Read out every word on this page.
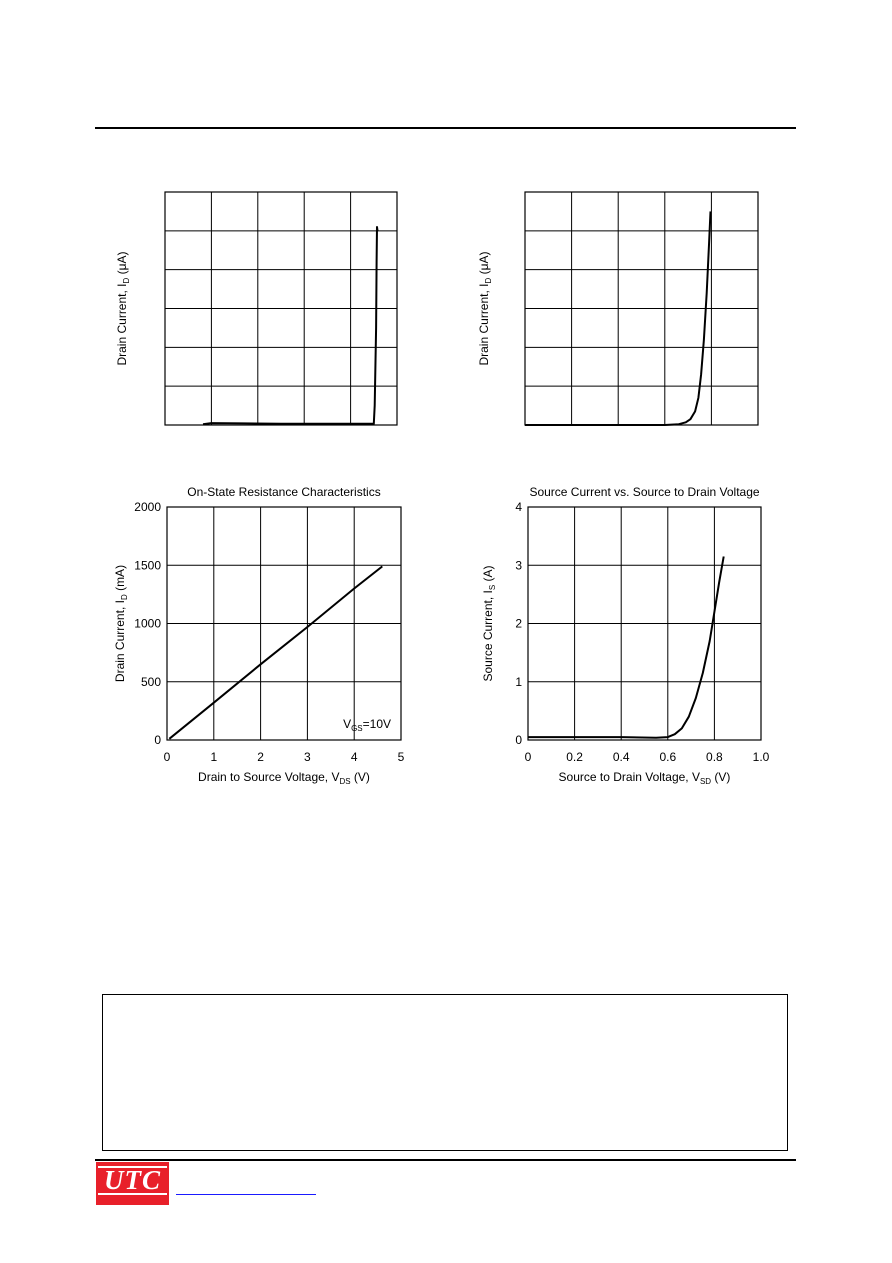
Drain Current, $I_D$ (μA)
Drain Current, $I_D$ (μA)
0	1	2	3	4	5
0
500
1000
1500
2000
On-State Resistance Characteristics
Drain Current, $I_D$ (mA)
Drain to Source Voltage, $V_{DS}$ (V)
$V_{GS}=10V$
0	0.2 0.4 0.6 0.8 1.0
0
1
2
3
4
Source Current vs. Source to Drain Voltage
Source Current, $I_S$ (A)
Source to Drain Voltage, $V_{SD}$ (V)
UTC
